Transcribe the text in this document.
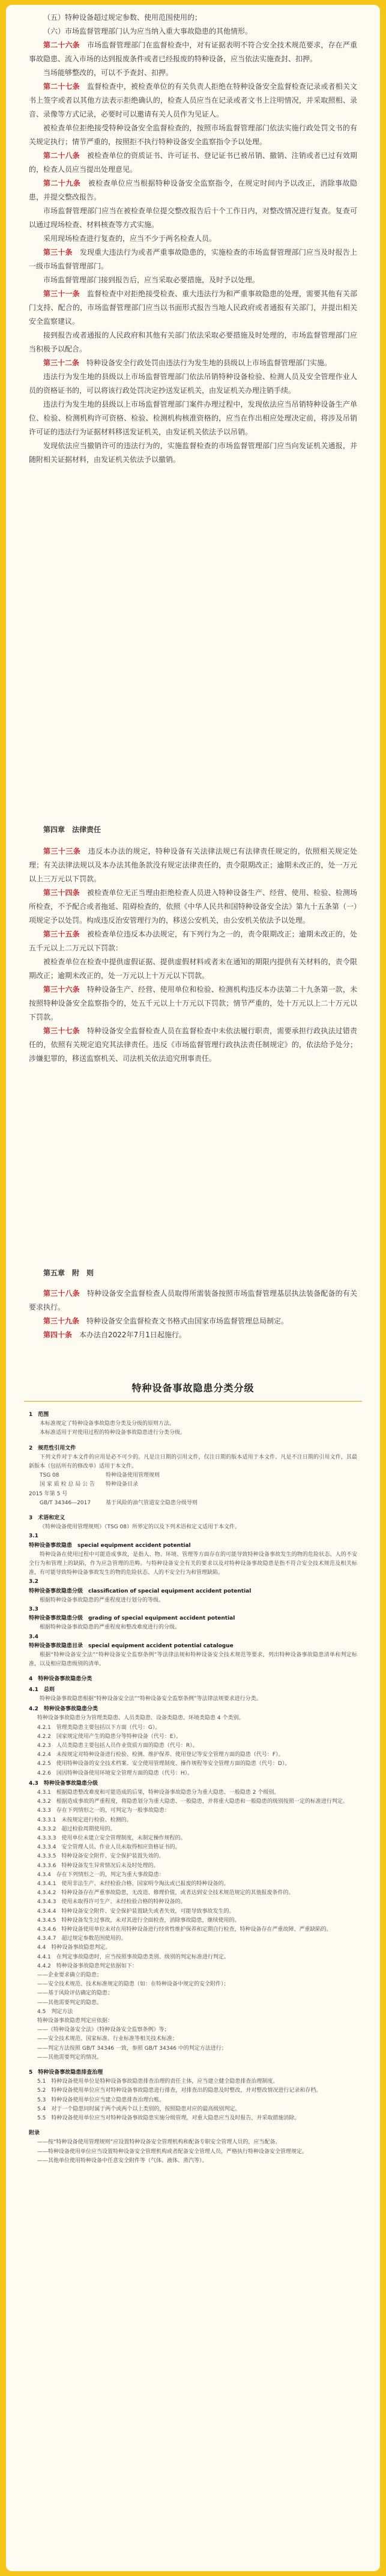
（五）特种设备超过规定参数、使用范围使用的；

（六）市场监督管理部门认为应当纳入重大事故隐患的其他情形。

第二十六条　 市场监督管理部门在监督检查中，对有证据表明不符合安全技术规范要求，存在严重事故隐患、流入市场的达到报废条件或者已经报废的特种设备，应当依法实施查封、扣押。

当场能够整改的，可以不予查封、扣押。

第二十七条　 监督检查中，被检查单位的有关负责人拒绝在特种设备安全监督检查记录或者相关文书上签字或者以其他方法表示拒绝确认的，检查人员应当在记录或者文书上注明情况，并采取照相、录音、录像等方式记录，必要时可以邀请有关人员作为见证人。

被检查单位拒绝接受特种设备安全监督检查的，按照市场监督管理部门依法实施行政处罚文书的有关规定执行；情节严重的，按照拒不执行特种设备安全监察指令予以处理。

第二十八条　 被检查单位的资质证书、许可证书、登记证书已被吊销、撤销、注销或者已过有效期的，检查人员应当提出处理意见。

第二十九条　 被检查单位应当根据特种设备安全监察指令，在规定时间内予以改正，消除事故隐患，并提交整改报告。

市场监督管理部门应当在被检查单位提交整改报告后十个工作日内，对整改情况进行复查。复查可以通过现场检查、材料核查等方式实施。

采用现场检查进行复查的，应当不少于两名检查人员。

第三十条　 发现重大违法行为或者严重事故隐患的，实施检查的市场监督管理部门应当及时报告上一级市场监督管理部门。

市场监督管理部门接到报告后，应当采取必要措施，及时予以处理。

第三十一条　 监督检查中对拒绝接受检查、重大违法行为和严重事故隐患的处理，需要其他有关部门支持、配合的，市场监督管理部门应当以书面形式报告当地人民政府或者通报有关部门，并提出相关安全监察建议。

接到报告或者通报的人民政府和其他有关部门依法采取必要措施及时处理的，市场监督管理部门应当积极予以配合。

第三十二条　 特种设备安全行政处罚由违法行为发生地的县级以上市场监督管理部门实施。

违法行为发生地的县级以上市场监督管理部门依法吊销特种设备检验、检测人员及安全管理作业人员的资格证书的，可以将该行政处罚决定抄送发证机关，由发证机关办理注销手续。

违法行为发生地的县级以上市场监督管理部门案件办理过程中，发现依法应当吊销特种设备生产单位、检验、检测机构许可资格、检验、检测机构核准资格的，应当在作出相应处理决定前，将涉及吊销许可证的违法行为证据材料移送发证机关，由发证机关依法予以吊销。

发现依法应当撤销许可的违法行为的，实施监督检查的市场监督管理部门应当向发证机关通报，并随附相关证据材料，由发证机关依法予以撤销。

第四章　法律责任

第三十三条　 违反本办法的规定，特种设备有关法律法规已有法律责任规定的，依照相关规定处理；有关法律法规以及本办法其他条款没有规定法律责任的，责令限期改正；逾期未改正的，处一万元以上三万元以下罚款。

第三十四条　 被检查单位无正当理由拒绝检查人员进入特种设备生产、经营、使用、检验、检测场所检查，不予配合或者拖延、阻碍检查的，依照《中华人民共和国特种设备安全法》第九十五条第（一）项规定予以处罚。构成违反治安管理行为的，移送公安机关，由公安机关依法予以处理。

第三十五条　 被检查单位违反本办法规定，有下列行为之一的，责令限期改正；逾期未改正的，处五千元以上二万元以下罚款：

被检查单位在检查中提供虚假证据、提供虚假材料或者未在通知的期限内提供有关材料的，责令限期改正；逾期未改正的，处一万元以上十万元以下罚款。

第三十六条　 特种设备生产、经营、使用单位和检验、检测机构违反本办法第二十九条第一款，未按照特种设备安全监察指令的，处五千元以上十万元以下罚款；情节严重的，处十万元以上二十万元以下罚款。

第三十七条　 特种设备安全监督检查人员在监督检查中未依法履行职责，需要承担行政执法过错责任的，依照有关规定追究其法律责任。违反《市场监督管理行政执法责任制规定》的，依法给予处分；涉嫌犯罪的，移送监察机关、司法机关依法追究刑事责任。

第五章　附　则

第三十八条　 特种设备安全监督检查人员取得所需装备按照市场监督管理基层执法装备配备的有关要求执行。

第三十九条　 特种设备安全监督检查文书格式由国家市场监督管理总局制定。

第四十条　 本办法自2022年7月1日起施行。

特种设备事故隐患分类分级

1　范围

本标准规定了特种设备事故隐患分类及分级的原则方法。

本标准适用于对使用过程的特种设备事故隐患进行分类分级。

2　规范性引用文件

下列文件对于本文件的应用是必不可少的。凡是注日期的引用文件，仅注日期的版本适用于本文件。凡是不注日期的引用文件，其最新版本（包括所有的修改单）适用于本文件。

TSG 08	特种设备使用管理规则

国家质检总局公告 2015 年第 5 号
特种设备目录

GB/T 34346—2017	基于风险的油气管道安全隐患分级导则

3　术语和定义

《特种设备使用管理规则》（TSG 08）所界定的以及下列术语和定义适用于本文件。

3.1

特种设备事故隐患　special equipment accident potential

特种设备在使用过程中可能造成事故，是指人、物、环境、管理等方面存在的可能导致特种设备事故发生的物的危险状态、人的不安全行为和管理上的缺陷，作为应急管理的范畴。与特种设备安全有关的要求以及对特种设备事故隐患是指不符合安全技术规范及相关标准，有可能导致特种设备事故发生的物的危险状态、人的不安全行为和管理缺陷。

3.2

特种设备事故隐患分级　classification of special equipment accident potential

根据特种设备事故隐患的严重程度进行划分的等级。

3.3

特种设备事故隐患分级　grading of special equipment accident potential

根据特种设备事故隐患的严重程度和整改难度进行的分级。

3.4

特种设备事故隐患目录　special equipment accident potential catalogue

根据“特种设备安全法”“特种设备安全监察条例”等法律法规和特种设备安全技术规范等要求，列出特种设备事故隐患清单和判定标准，以及相应隐患级别的清单。

4　特种设备事故隐患分类

4.1　总则

特种设备事故隐患根据“特种设备安全法”“特种设备安全监察条例”等法律法规要求进行分类。

4.2　特种设备事故隐患分类

特种设备事故隐患分为管理类隐患、人员类隐患、设备类隐患、环境类隐患 4 个类别。

4.2.1　管理类隐患主要包括以下方面（代号：G）。

4.2.2　国家规定使用产生的隐患分等特种设备（代号：E）。

4.2.3　人员类隐患主要包括人员作业资质方面的隐患（代号：R）。

4.2.4　未按规定对特种设备进行检验、检测、维护保养、使用登记等安全管理方面的隐患（代号：F）。

4.2.5　使用特种设备的安全技术档案、安全使用管理制度、操作规程等安全管理方面的隐患（代号：D）。

4.2.6　国因特种设备使用环境安全管理方面的隐患（代号：H）。

4.3　特种设备事故隐患分级

4.3.1　根据隐患整改难度和可能造成的后果，特种设备事故隐患分为重大隐患、一般隐患 2 个级别。

4.3.2　根据造成事故的严重程度，将隐患划分为重大隐患、一般隐患，并将重大隐患和一般隐患的级别按照一定的标准进行判定。

4.3.3　存在下列情形之一的，可判定为一般事故隐患：

4.3.3.1　未按规定进行检验、检测的。

4.3.3.2　超过检验周期使用的。

4.3.3.3　使用单位未建立安全管理制度，未制定操作规程的。

4.3.3.4　安全管理人员、作业人员未取得相应资格证书的。

4.3.3.5　特种设备安全附件、安全保护装置失效的。

4.3.3.6　特种设备发生异常情况后未及时处理的。

4.3.4　存在下列情形之一的，判定为重大事故隐患：

4.3.4.1　使用非法生产、未经检验合格、国家明令淘汰或已报废的特种设备的。

4.3.4.2　特种设备存在严重事故隐患，无改造、修理价值，或者达到安全技术规范规定的其他报废条件的。

4.3.4.3　使用未取得许可生产、未经检验合格的特种设备的。

4.3.4.4　特种设备安全附件、安全保护装置缺失或者失效，可能导致事故发生的。

4.3.4.5　特种设备发生过事故，未对其进行全面检查，消除事故隐患，继续使用的。

4.3.4.6　特种设备使用单位未对在用特种设备进行经常性维护保养和定期自行检查，特种设备存在严重故障、严重缺陷的。

4.3.4.7　超过规定参数范围使用的。

4.4　特种设备事故隐患判定。

4.4.1　在判定事故隐患时，应当按照事故隐患类别、级别的判定标准进行判定。

4.4.2　特种设备事故隐患判定依据如下：

——企业要求确立的隐患；

——安全技术规范、技术标准规定的隐患（如：在特种设备中规定的安全附件）；

——基于风险评估确定的隐患；

——其他需要判定的隐患。

4.5　判定方法

特种设备事故隐患判定应依据：

——《特种设备安全法》《特种设备安全监察条例》等；

——安全技术规范、国家标准、行业标准等相关技术标准；

——判定方法按照 GB/T 34346 一致，参照 GB/T 34346 中的判定方法进行；

——其他需要判定的情况。

5　特种设备事故隐患排查治理

5.1　特种设备使用单位是特种设备事故隐患排查治理的责任主体，应当建立健全隐患排查治理制度。

5.2　特种设备使用单位应当对特种设备事故隐患进行排查，对排查出的隐患及时整改，并对整改情况进行记录和存档。

5.3　特种设备使用单位应当建立隐患排查治理台账。

5.4　对于一个隐患同时属于两个或两个以上类别的，按照隐患对应的最高级别判定。

5.5　特种设备使用单位应当对特种设备事故隐患实施分级管理，对重大隐患应当及时报告，并采取措施消除。

附录

——按“特种设备使用管理规则”应设置特种设备安全管理机构和配备专职安全管理人员的，应当配备。

——特种设备使用单位应当设置特种设备安全管理机构或者配备安全管理人员，严格执行特种设备安全管理规定。

——其他单位使用特种设备中任意安全附件等（气体、液体、蒸汽等）。
